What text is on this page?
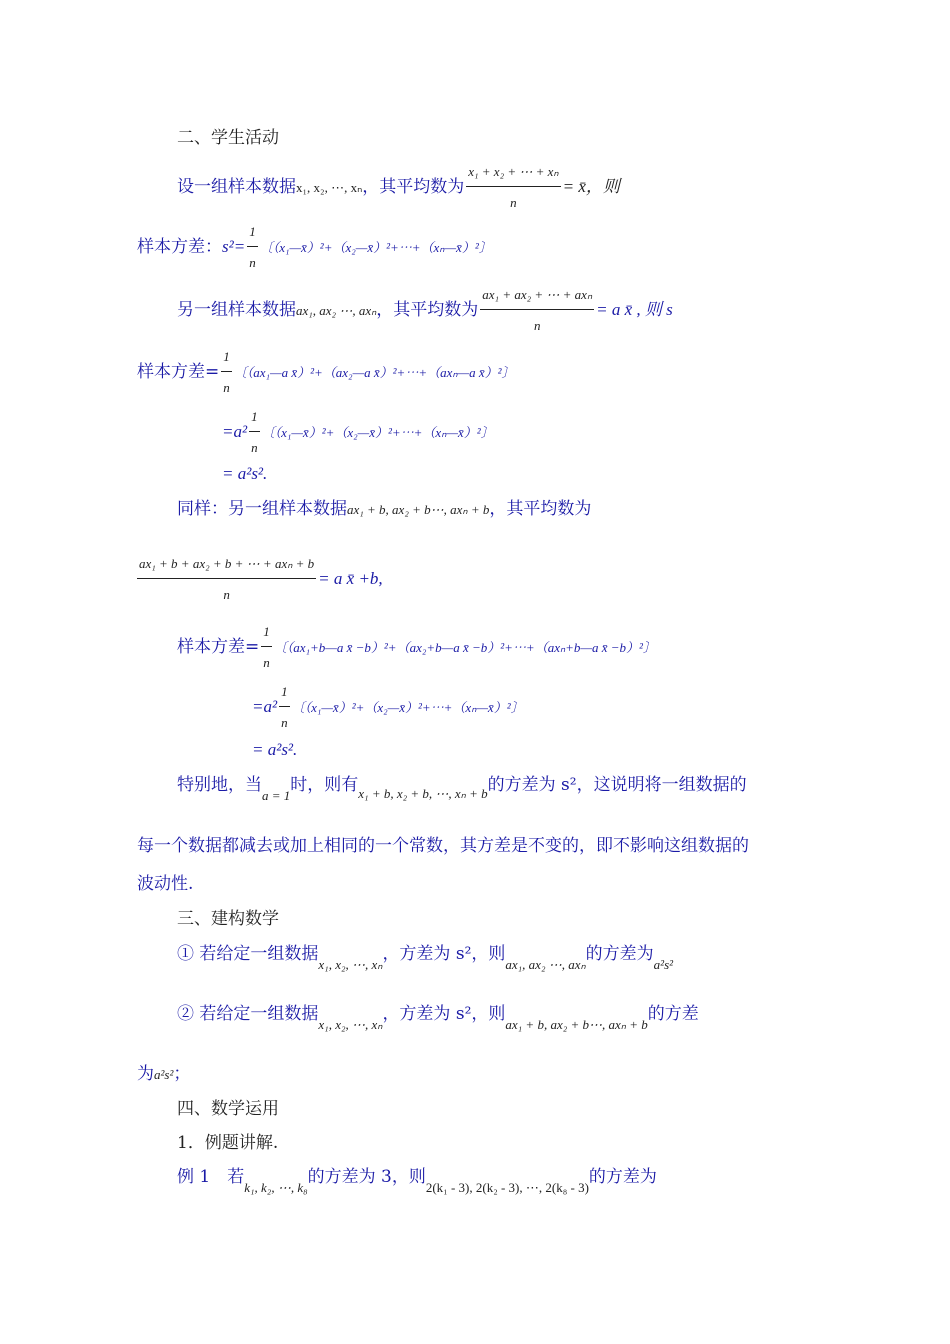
二、学生活动
设一组样本数据x₁, x₂, ⋯, xₙ，其平均数为 $\frac{\text{x₁ + x₂ + ⋯ + xₙ}}{n}$ = x̄，则
样本方差：$s^2= \frac{1}{n}$ 〔（x₁—x̄）²+（x₂—x̄）²+⋯+（xₙ—x̄）²〕
另一组样本数据ax₁, ax₂ ⋯, axₙ，其平均数为 $\frac{\text{ax₁ + ax₂ + ⋯ + axₙ}}{n} = a$ x̄ , 则 s
样本方差= $\frac{1}{n}$ 〔（ax₁—a x̄）²+（ax₂—a x̄）²+⋯+（axₙ—a x̄）²〕
$=a^2 \frac{1}{n}$ 〔（x₁—x̄）²+（x₂—x̄）²+⋯+（xₙ—x̄）²〕
= a²s².
同样：另一组样本数据ax₁ + b, ax₂ + b⋯, axₙ + b，其平均数为
$\frac{\text{ax₁ + b + ax₂ + b + ⋯ + axₙ + b}}{n} = a$ x̄ +b,
样本方差= $\frac{1}{n}$ 〔（ax₁+b—a x̄ −b）²+（ax₂+b—a x̄ −b）²+⋯+（axₙ+b—a x̄ −b）²〕
$=a^2 \frac{1}{n}$ 〔（x₁—x̄）²+（x₂—x̄）²+⋯+（xₙ—x̄）²〕
= a²s².
特别地，当$_{a = 1}$时，则有$_{x_1 + b, x_2 + b, \cdots, x_n + b}$的方差为 s²，这说明将一组数据的
每一个数据都减去或加上相同的一个常数，其方差是不变的，即不影响这组数据的
波动性.
三、建构数学
① 若给定一组数据$_{x_1, x_2, \cdots, x_n}$，方差为 s²，则$_{ax_1, ax_2 \cdots, ax_n}$的方差为$_{a^2s^2}$
② 若给定一组数据$_{x_1, x_2, \cdots, x_n}$，方差为 s²，则$_{ax_1 + b, ax_2 + b\cdots, ax_n + b}$的方差
为a²s²；
四、数学运用
1．例题讲解.
例 1　若$_{k_1, k_2, \cdots, k_8}$的方差为 3，则$_{2(k_1 - 3), 2(k_2 - 3), \cdots, 2(k_8 - 3)}$的方差为
